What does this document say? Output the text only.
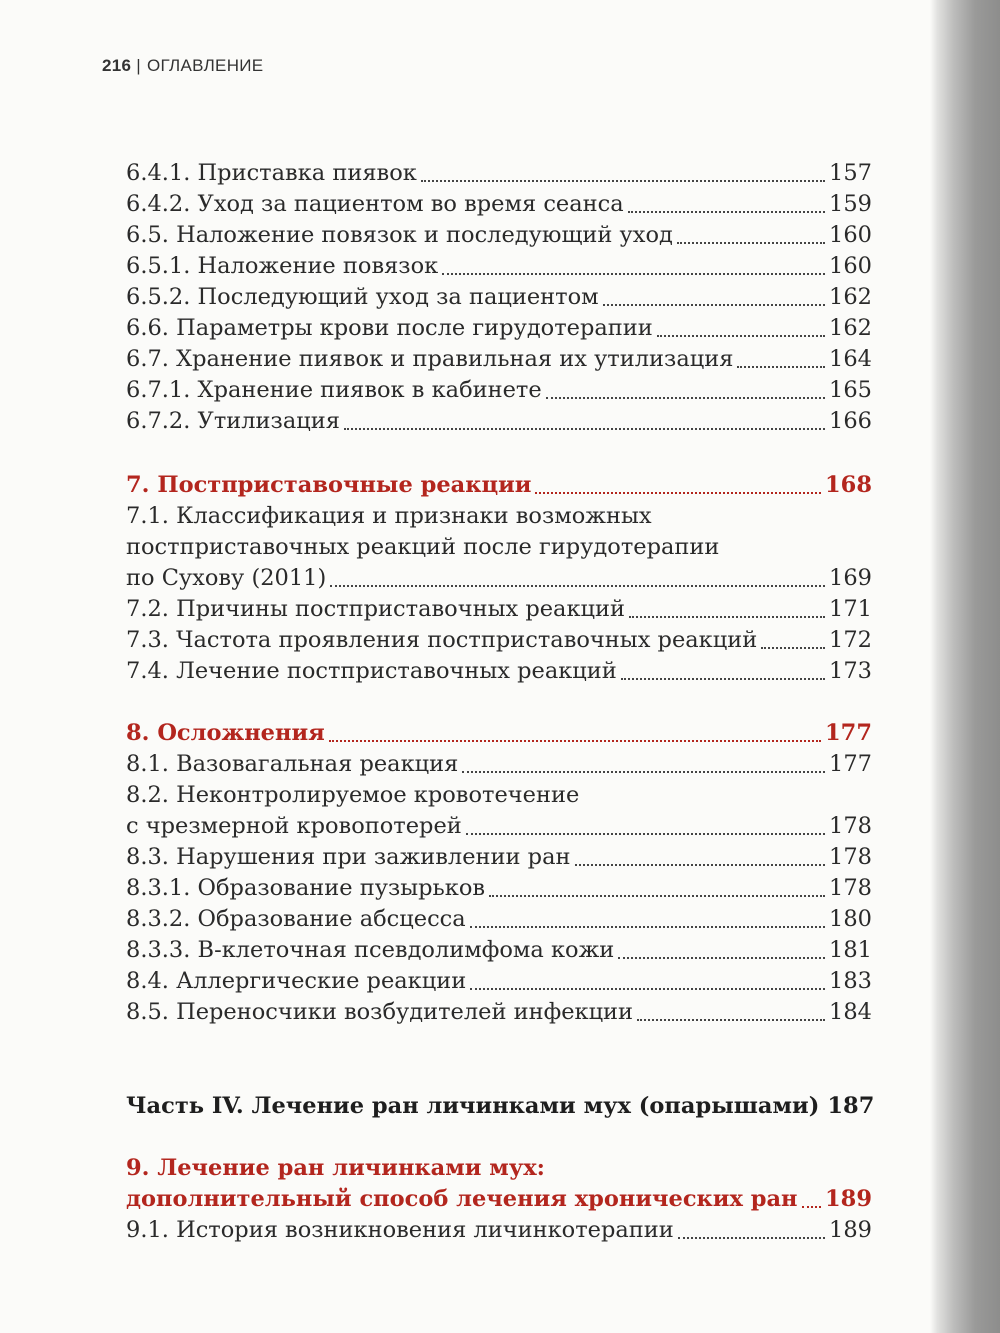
216 | ОГЛАВЛЕНИЕ
6.4.1. Приставка пиявок	157
6.4.2. Уход за пациентом во время сеанса	159
6.5. Наложение повязок и последующий уход	160
6.5.1. Наложение повязок	160
6.5.2. Последующий уход за пациентом	162
6.6. Параметры крови после гирудотерапии	162
6.7. Хранение пиявок и правильная их утилизация	164
6.7.1. Хранение пиявок в кабинете	165
6.7.2. Утилизация	166
7. Постприставочные реакции	168
7.1. Классификация и признаки возможных
постприставочных реакций после гирудотерапии
по Сухову (2011)	169
7.2. Причины постприставочных реакций	171
7.3. Частота проявления постприставочных реакций	172
7.4. Лечение постприставочных реакций	173
8. Осложнения	177
8.1. Вазовагальная реакция	177
8.2. Неконтролируемое кровотечение
с чрезмерной кровопотерей	178
8.3. Нарушения при заживлении ран	178
8.3.1. Образование пузырьков	178
8.3.2. Образование абсцесса	180
8.3.3. В-клеточная псевдолимфома кожи	181
8.4. Аллергические реакции	183
8.5. Переносчики возбудителей инфекции	184
Часть IV. Лечение ран личинками мух (опарышами) 187
9. Лечение ран личинками мух:
дополнительный способ лечения хронических ран 189
9.1. История возникновения личинкотерапии	189
